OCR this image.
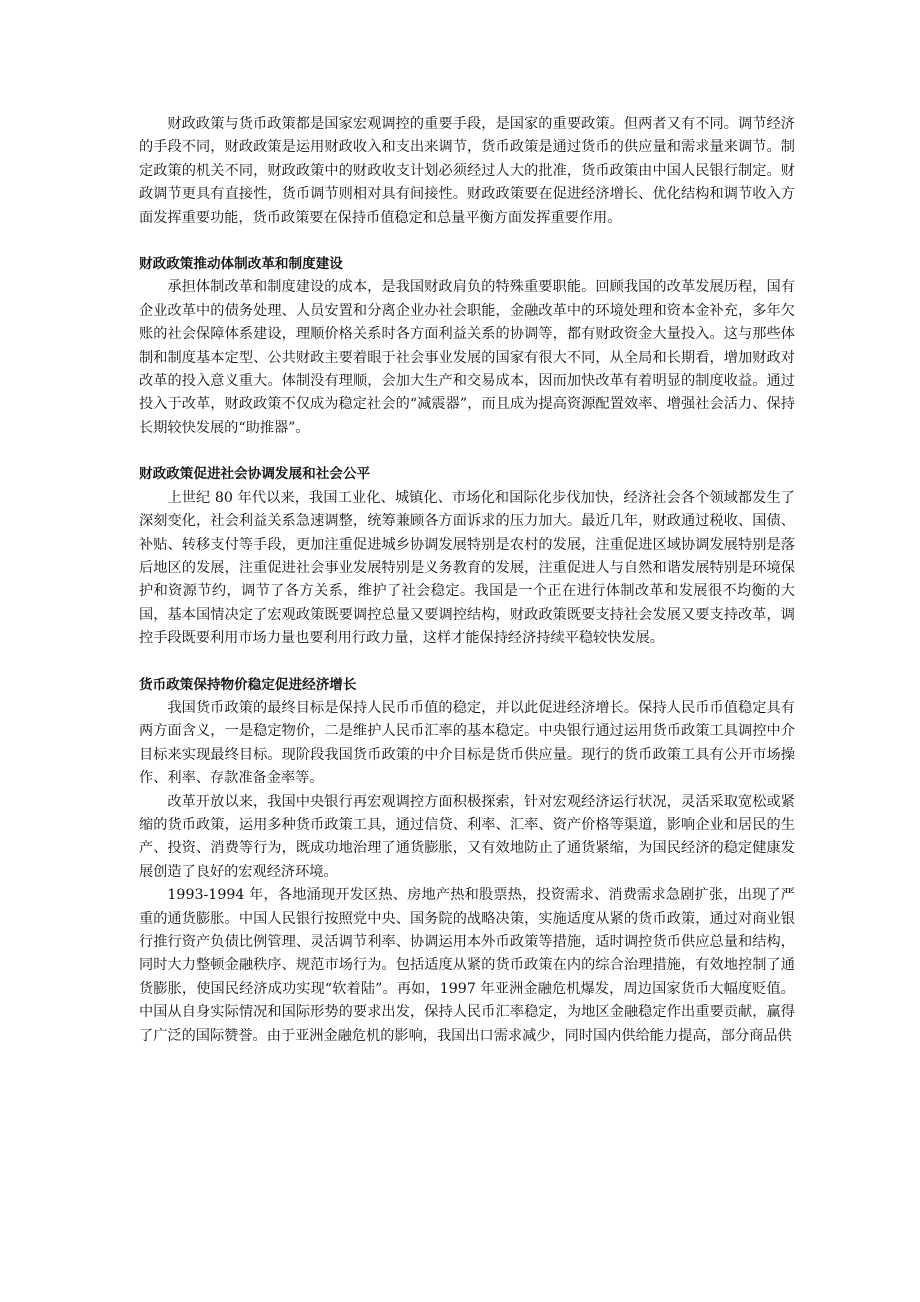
财政政策与货币政策都是国家宏观调控的重要手段，是国家的重要政策。但两者又有不同。调节经济的手段不同，财政政策是运用财政收入和支出来调节，货币政策是通过货币的供应量和需求量来调节。制定政策的机关不同，财政政策中的财政收支计划必须经过人大的批准，货币政策由中国人民银行制定。财政调节更具有直接性，货币调节则相对具有间接性。财政政策要在促进经济增长、优化结构和调节收入方面发挥重要功能，货币政策要在保持币值稳定和总量平衡方面发挥重要作用。

财政政策推动体制改革和制度建设

承担体制改革和制度建设的成本，是我国财政肩负的特殊重要职能。回顾我国的改革发展历程，国有企业改革中的债务处理、人员安置和分离企业办社会职能，金融改革中的环境处理和资本金补充，多年欠账的社会保障体系建设，理顺价格关系时各方面利益关系的协调等，都有财政资金大量投入。这与那些体制和制度基本定型、公共财政主要着眼于社会事业发展的国家有很大不同，从全局和长期看，增加财政对改革的投入意义重大。体制没有理顺，会加大生产和交易成本，因而加快改革有着明显的制度收益。通过投入于改革，财政政策不仅成为稳定社会的“减震器”，而且成为提高资源配置效率、增强社会活力、保持长期较快发展的“助推器”。

财政政策促进社会协调发展和社会公平

上世纪 80 年代以来，我国工业化、城镇化、市场化和国际化步伐加快，经济社会各个领域都发生了深刻变化，社会利益关系急速调整，统筹兼顾各方面诉求的压力加大。最近几年，财政通过税收、国债、补贴、转移支付等手段，更加注重促进城乡协调发展特别是农村的发展，注重促进区域协调发展特别是落后地区的发展，注重促进社会事业发展特别是义务教育的发展，注重促进人与自然和谐发展特别是环境保护和资源节约，调节了各方关系，维护了社会稳定。我国是一个正在进行体制改革和发展很不均衡的大国，基本国情决定了宏观政策既要调控总量又要调控结构，财政政策既要支持社会发展又要支持改革，调控手段既要利用市场力量也要利用行政力量，这样才能保持经济持续平稳较快发展。

货币政策保持物价稳定促进经济增长

我国货币政策的最终目标是保持人民币币值的稳定，并以此促进经济增长。保持人民币币值稳定具有两方面含义，一是稳定物价，二是维护人民币汇率的基本稳定。中央银行通过运用货币政策工具调控中介目标来实现最终目标。现阶段我国货币政策的中介目标是货币供应量。现行的货币政策工具有公开市场操作、利率、存款准备金率等。

改革开放以来，我国中央银行再宏观调控方面积极探索，针对宏观经济运行状况，灵活采取宽松或紧缩的货币政策，运用多种货币政策工具，通过信贷、利率、汇率、资产价格等渠道，影响企业和居民的生产、投资、消费等行为，既成功地治理了通货膨胀，又有效地防止了通货紧缩，为国民经济的稳定健康发展创造了良好的宏观经济环境。

1993-1994 年，各地涌现开发区热、房地产热和股票热，投资需求、消费需求急剧扩张，出现了严重的通货膨胀。中国人民银行按照党中央、国务院的战略决策，实施适度从紧的货币政策，通过对商业银行推行资产负债比例管理、灵活调节利率、协调运用本外币政策等措施，适时调控货币供应总量和结构，同时大力整顿金融秩序、规范市场行为。包括适度从紧的货币政策在内的综合治理措施，有效地控制了通货膨胀，使国民经济成功实现“软着陆”。再如，1997 年亚洲金融危机爆发，周边国家货币大幅度贬值。中国从自身实际情况和国际形势的要求出发，保持人民币汇率稳定，为地区金融稳定作出重要贡献，赢得了广泛的国际赞誉。由于亚洲金融危机的影响，我国出口需求减少，同时国内供给能力提高，部分商品供
